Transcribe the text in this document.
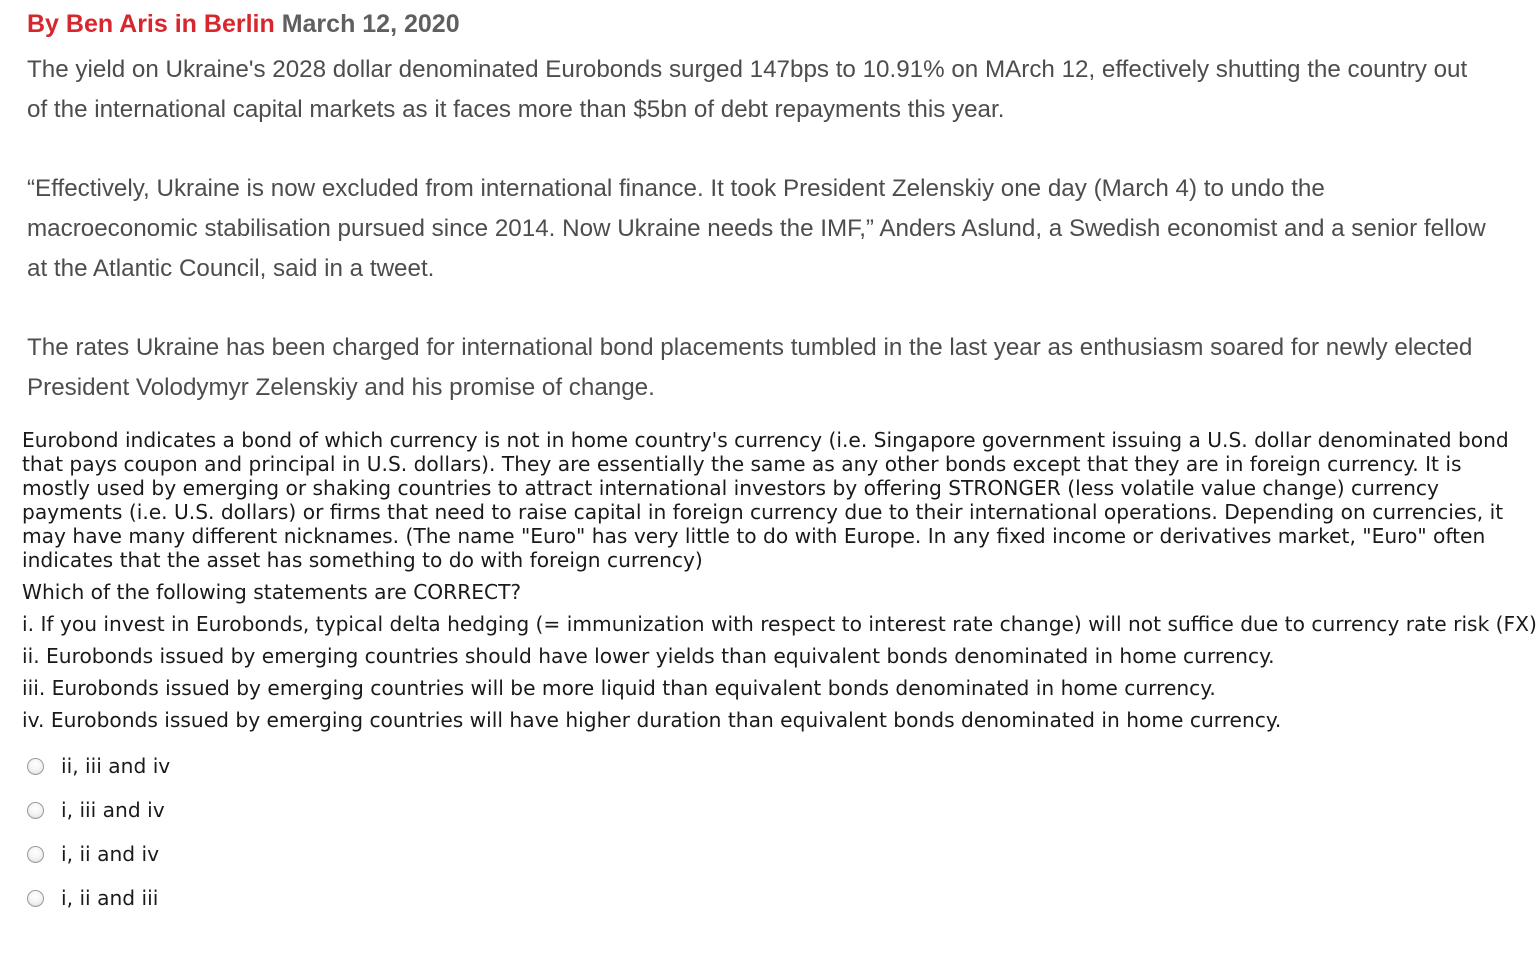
By Ben Aris in Berlin March 12, 2020

The yield on Ukraine's 2028 dollar denominated Eurobonds surged 147bps to 10.91% on MArch 12, effectively shutting the country out of the international capital markets as it faces more than $5bn of debt repayments this year.

“Effectively, Ukraine is now excluded from international finance. It took President Zelenskiy one day (March 4) to undo the macroeconomic stabilisation pursued since 2014. Now Ukraine needs the IMF,” Anders Aslund, a Swedish economist and a senior fellow at the Atlantic Council, said in a tweet.

The rates Ukraine has been charged for international bond placements tumbled in the last year as enthusiasm soared for newly elected President Volodymyr Zelenskiy and his promise of change.

Eurobond indicates a bond of which currency is not in home country's currency (i.e. Singapore government issuing a U.S. dollar denominated bond that pays coupon and principal in U.S. dollars). They are essentially the same as any other bonds except that they are in foreign currency. It is mostly used by emerging or shaking countries to attract international investors by offering STRONGER (less volatile value change) currency payments (i.e. U.S. dollars) or firms that need to raise capital in foreign currency due to their international operations. Depending on currencies, it may have many different nicknames. (The name "Euro" has very little to do with Europe. In any fixed income or derivatives market, "Euro" often indicates that the asset has something to do with foreign currency)

Which of the following statements are CORRECT?

i. If you invest in Eurobonds, typical delta hedging (= immunization with respect to interest rate change) will not suffice due to currency rate risk (FX)
ii. Eurobonds issued by emerging countries should have lower yields than equivalent bonds denominated in home currency.
iii. Eurobonds issued by emerging countries will be more liquid than equivalent bonds denominated in home currency.
iv. Eurobonds issued by emerging countries will have higher duration than equivalent bonds denominated in home currency.
ii, iii and iv
i, iii and iv
i, ii and iv
i, ii and iii
